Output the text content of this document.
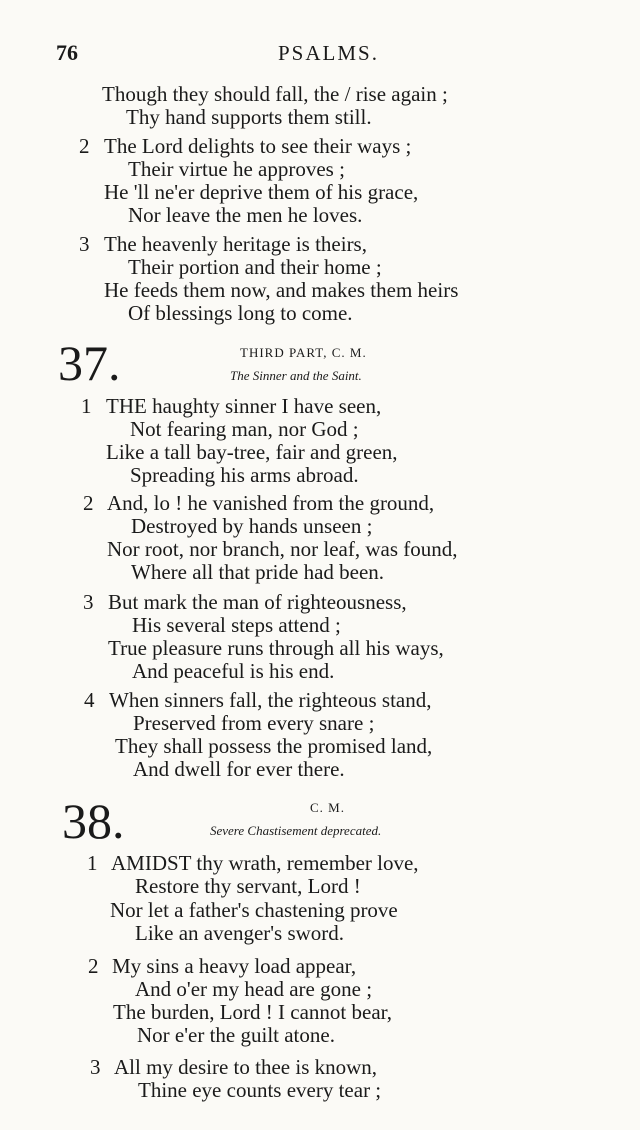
76	PSALMS.
Though they should fall, the / rise again ;
Thy hand supports them still.
2 The Lord delights to see their ways ;
Their virtue he approves ;
He 'll ne'er deprive them of his grace,
Nor leave the men he loves.
3 The heavenly heritage is theirs,
Their portion and their home ;
He feeds them now, and makes them heirs
Of blessings long to come.
37.	THIRD PART, C. M.
The Sinner and the Saint.
1 THE haughty sinner I have seen,
Not fearing man, nor God ;
Like a tall bay-tree, fair and green,
Spreading his arms abroad.
2 And, lo ! he vanished from the ground,
Destroyed by hands unseen ;
Nor root, nor branch, nor leaf, was found,
Where all that pride had been.
3 But mark the man of righteousness,
His several steps attend ;
True pleasure runs through all his ways,
And peaceful is his end.
4 When sinners fall, the righteous stand,
Preserved from every snare ;
They shall possess the promised land,
And dwell for ever there.
38.	C. M.
Severe Chastisement deprecated.
1 AMIDST thy wrath, remember love,
Restore thy servant, Lord !
Nor let a father's chastening prove
Like an avenger's sword.
2 My sins a heavy load appear,
And o'er my head are gone ;
The burden, Lord ! I cannot bear,
Nor e'er the guilt atone.
3 All my desire to thee is known,
Thine eye counts every tear ;
